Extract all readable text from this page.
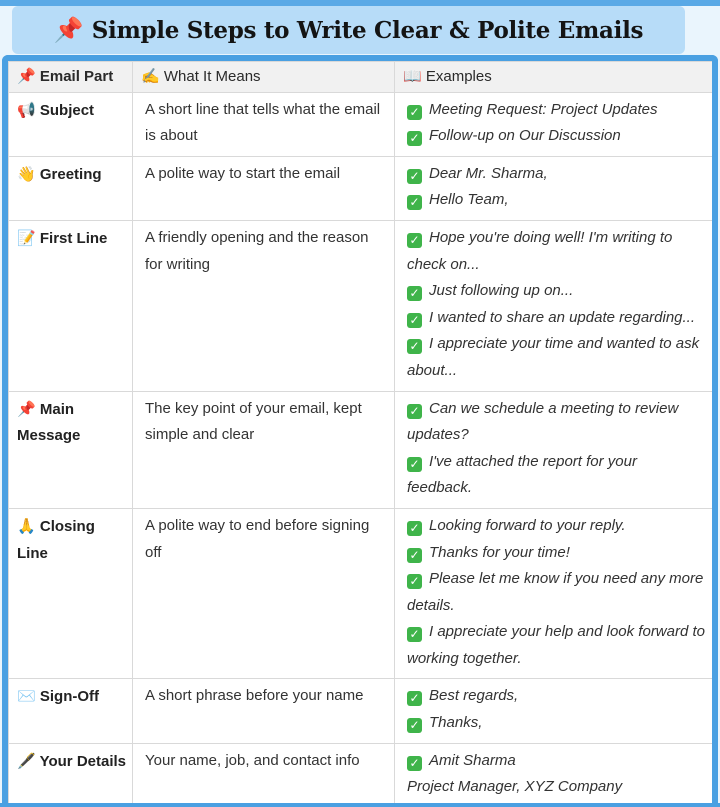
📌 Simple Steps to Write Clear & Polite Emails
📌 Email Part	✍️ What It Means	📖 Examples
📢 Subject	A short line that tells what the email is about	✓ Meeting Request: Project Updates
✓ Follow-up on Our Discussion

👋 Greeting	A polite way to start the email	✓ Dear Mr. Sharma,
✓ Hello Team,

📝 First Line	A friendly opening and the reason for writing	✓ Hope you're doing well! I'm writing to check on...
✓ Just following up on...
✓ I wanted to share an update regarding...
✓ I appreciate your time and wanted to ask about...

📌 Main Message	The key point of your email, kept simple and clear	✓ Can we schedule a meeting to review updates?
✓ I've attached the report for your feedback.

🙏 Closing Line	A polite way to end before signing off	✓ Looking forward to your reply.
✓ Thanks for your time!
✓ Please let me know if you need any more details.
✓ I appreciate your help and look forward to working together.

✉️ Sign-Off	A short phrase before your name	✓ Best regards,
✓ Thanks,

🖋️ Your Details	Your name, job, and contact info	✓ Amit Sharma
Project Manager, XYZ Company
